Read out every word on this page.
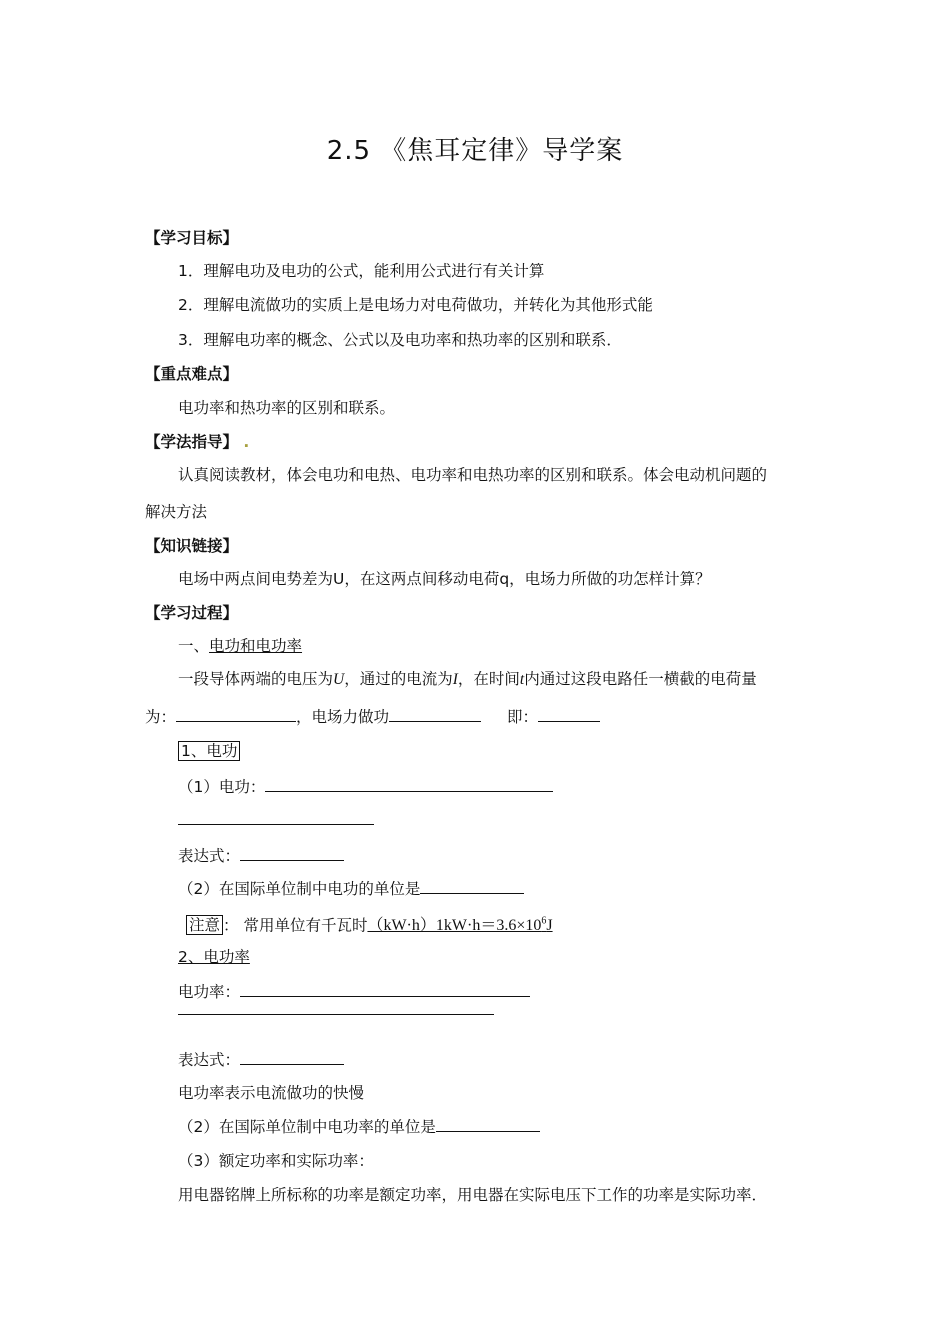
2.5 《焦耳定律》导学案
【学习目标】
1．理解电功及电功的公式，能利用公式进行有关计算
2．理解电流做功的实质上是电场力对电荷做功，并转化为其他形式能
3．理解电功率的概念、公式以及电功率和热功率的区别和联系．
【重点难点】
电功率和热功率的区别和联系。
【学法指导】 .
认真阅读教材，体会电功和电热、电功率和电热功率的区别和联系。体会电动机问题的
解决方法
【知识链接】
电场中两点间电势差为U，在这两点间移动电荷q，电场力所做的功怎样计算？
【学习过程】
一、电功和电功率
一段导体两端的电压为U，通过的电流为I，在时间t内通过这段电路任一横截的电荷量
为：	，电场力做功	即：
1、电功
（1）电功：
表达式：
（2）在国际单位制中电功的单位是
注意 ： 常用单位有千瓦时$(kW\cdot h)1kW\cdot h=3.6\times 10^6J$
2、电功率
电功率：
表达式：
电功率表示电流做功的快慢
（2）在国际单位制中电功率的单位是
（3）额定功率和实际功率：
用电器铭牌上所标称的功率是额定功率，用电器在实际电压下工作的功率是实际功率．
